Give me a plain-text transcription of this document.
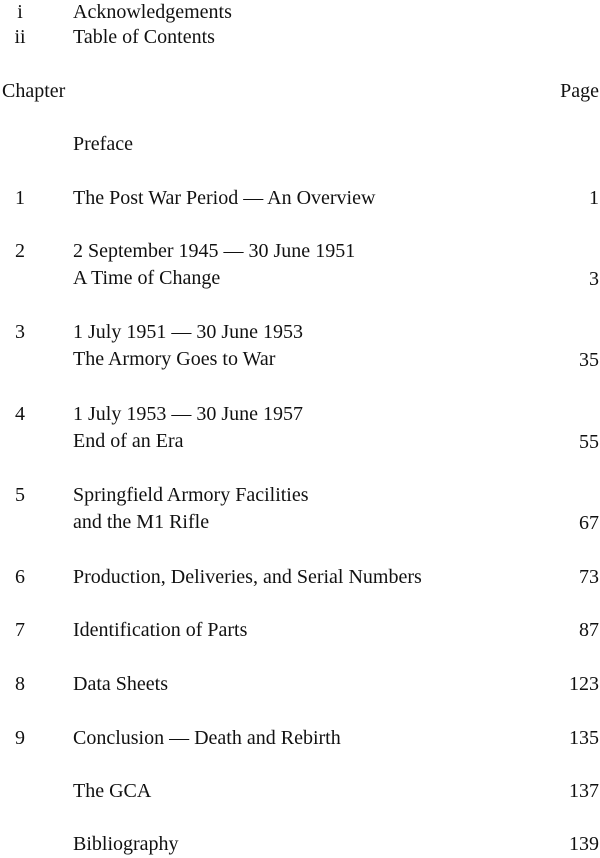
i	Acknowledgements
ii	Table of Contents
Chapter	Page
Preface
1	The Post War Period — An Overview	1
2	2 September 1945 — 30 June 1951
A Time of Change	3
3	1 July 1951 — 30 June 1953
The Armory Goes to War	35
4	1 July 1953 — 30 June 1957
End of an Era	55
5	Springfield Armory Facilities
and the M1 Rifle	67
6	Production, Deliveries, and Serial Numbers	73
7	Identification of Parts	87
8	Data Sheets	123
9	Conclusion — Death and Rebirth	135
The GCA	137
Bibliography	139
